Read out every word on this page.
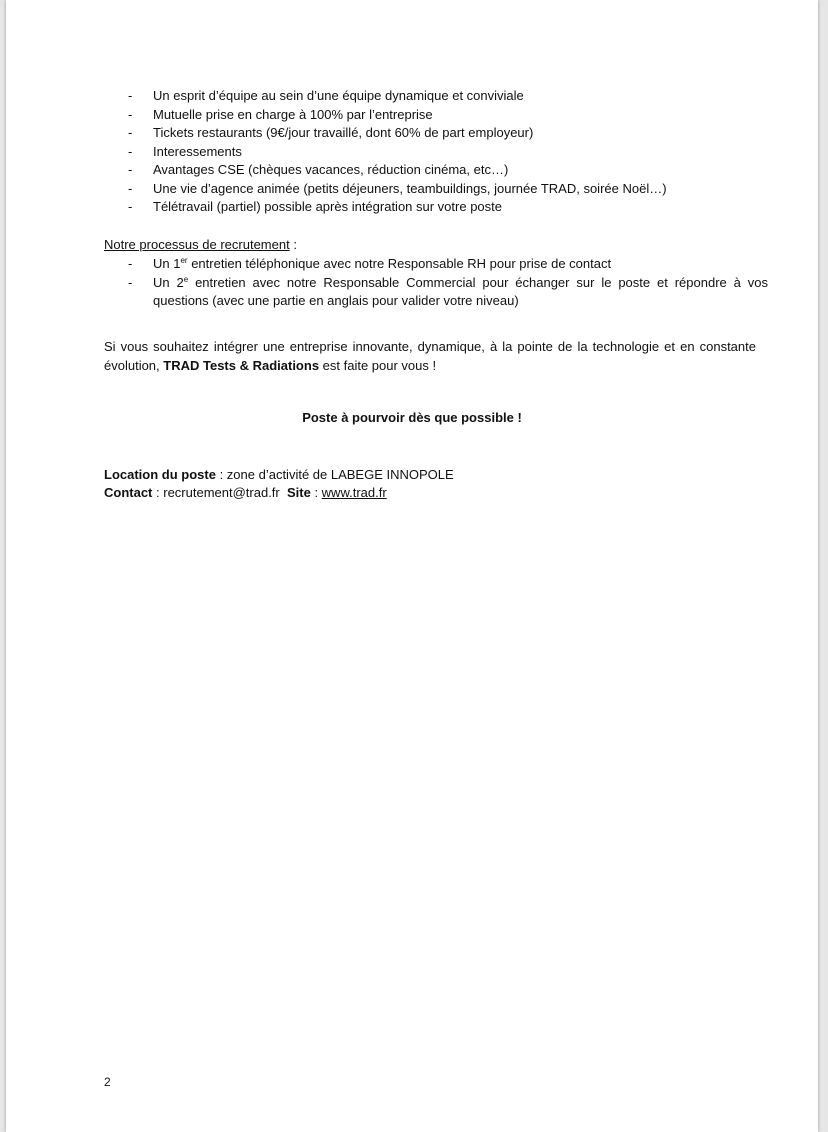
- Un esprit d’équipe au sein d’une équipe dynamique et conviviale
- Mutuelle prise en charge à 100% par l’entreprise
- Tickets restaurants (9€/jour travaillé, dont 60% de part employeur)
- Interessements
- Avantages CSE (chèques vacances, réduction cinéma, etc…)
- Une vie d’agence animée (petits déjeuners, teambuildings, journée TRAD, soirée Noël…)
- Télétravail (partiel) possible après intégration sur votre poste
Notre processus de recrutement :
- Un 1er entretien téléphonique avec notre Responsable RH pour prise de contact
- Un 2e entretien avec notre Responsable Commercial pour échanger sur le poste et répondre à vos questions (avec une partie en anglais pour valider votre niveau)
Si vous souhaitez intégrer une entreprise innovante, dynamique, à la pointe de la technologie et en constante évolution, TRAD Tests & Radiations est faite pour vous !
Poste à pourvoir dès que possible !
Location du poste : zone d’activité de LABEGE INNOPOLE
Contact : recrutement@trad.fr Site : www.trad.fr
2
